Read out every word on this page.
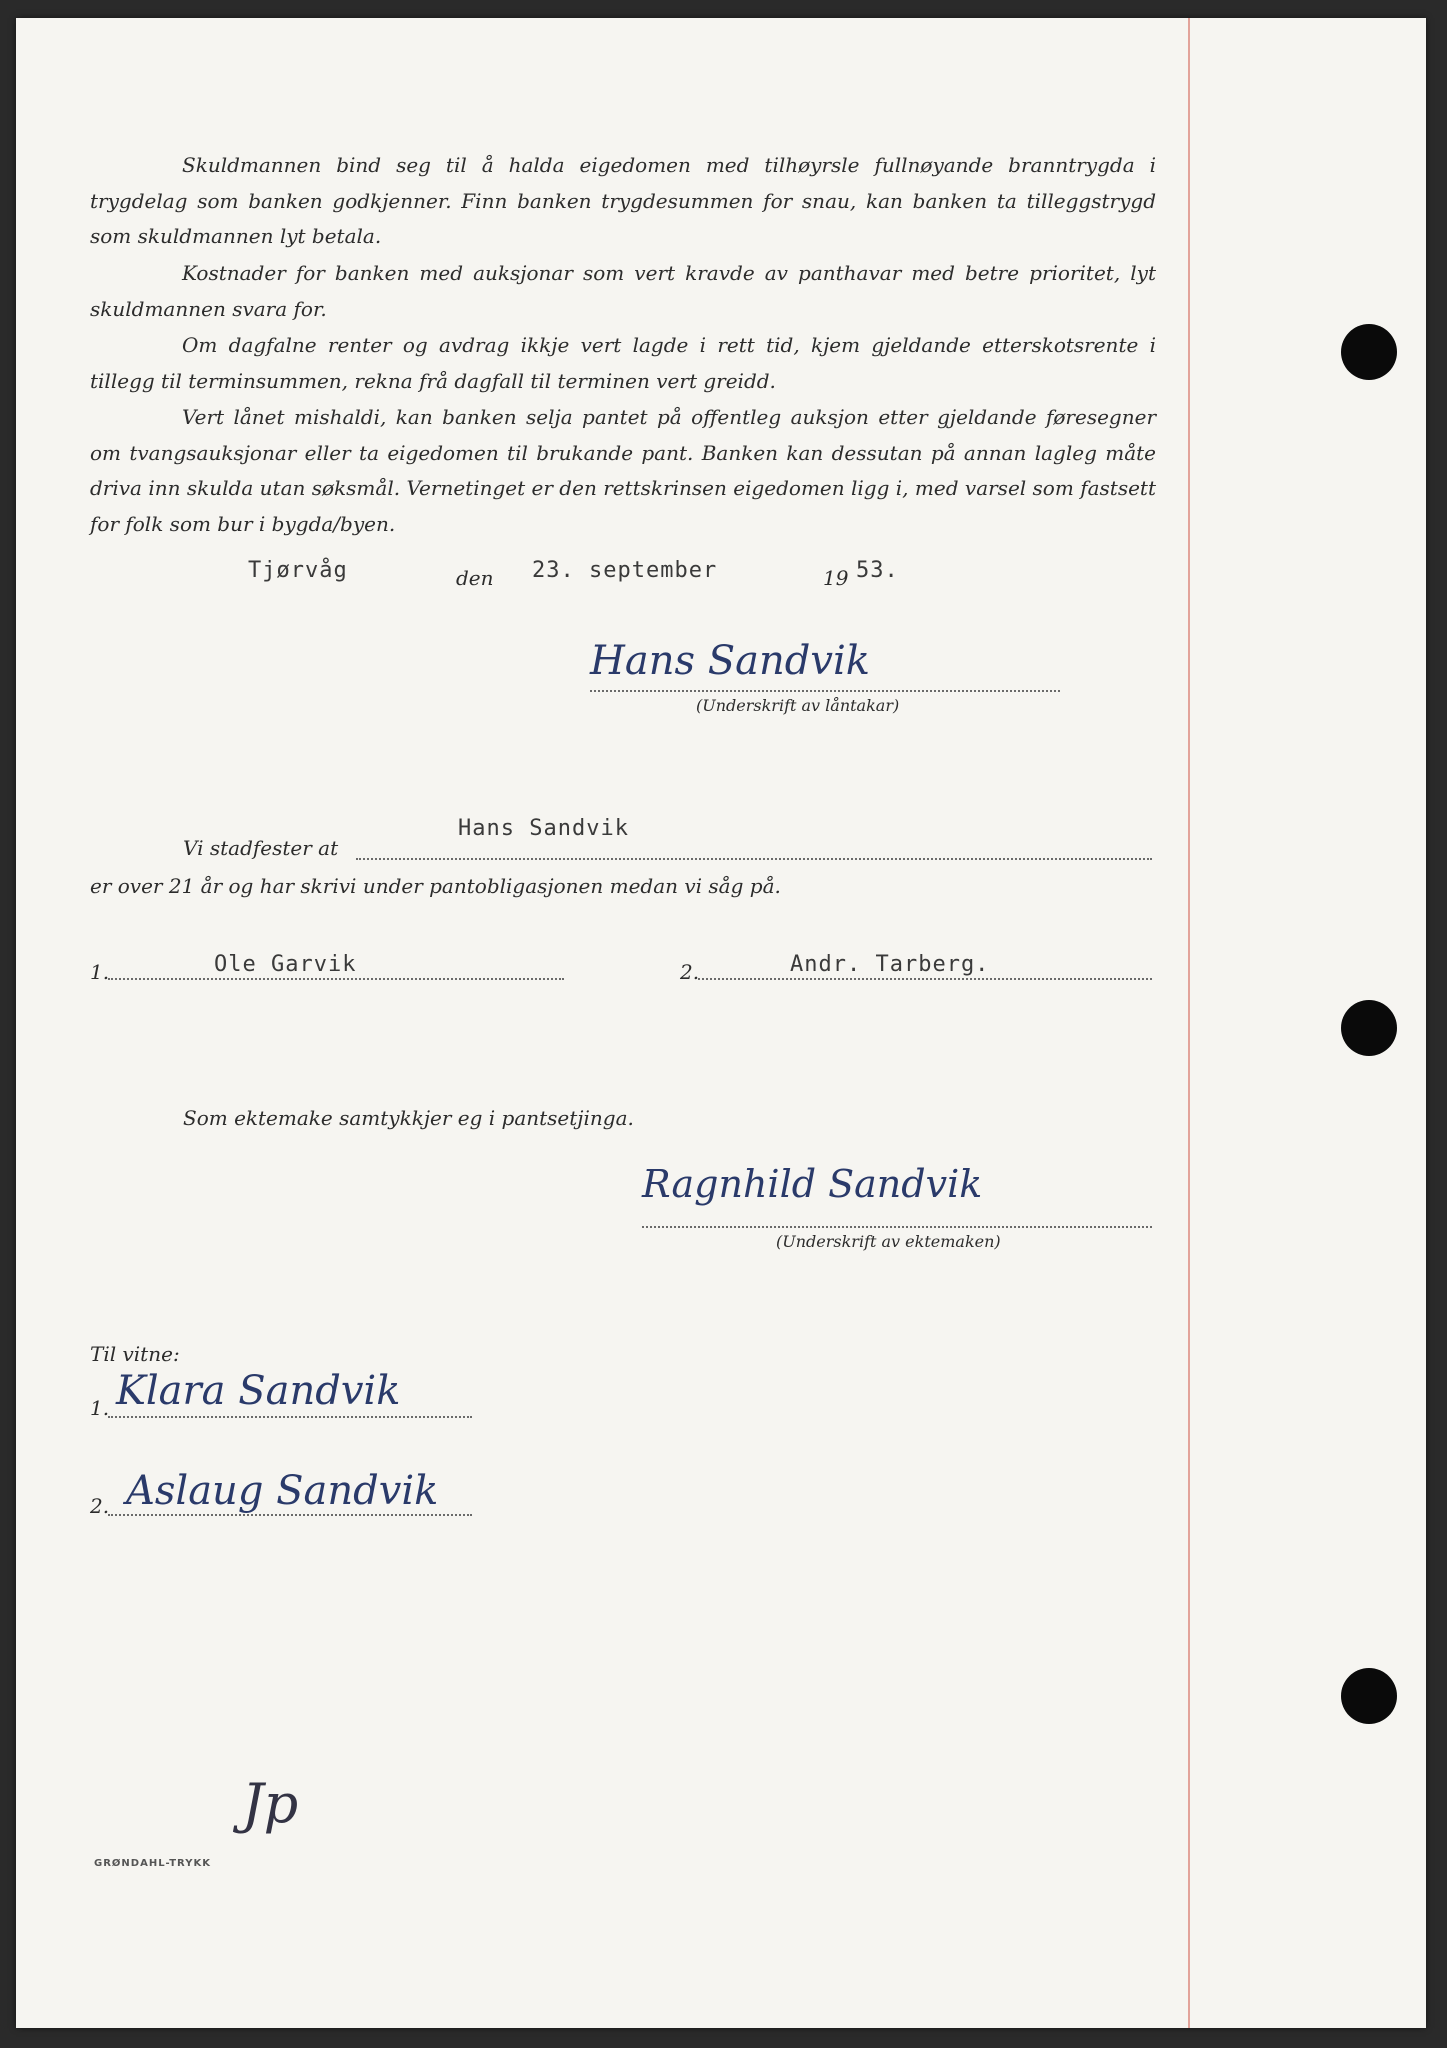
Skuldmannen bind seg til å halda eigedomen med tilhøyrsle fullnøyande branntrygda i trygdelag som banken godkjenner. Finn banken trygdesummen for snau, kan banken ta tilleggstrygd som skuldmannen lyt betala.

Kostnader for banken med auksjonar som vert kravde av panthavar med betre prioritet, lyt skuldmannen svara for.

Om dagfalne renter og avdrag ikkje vert lagde i rett tid, kjem gjeldande etterskotsrente i tillegg til terminsummen, rekna frå dagfall til terminen vert greidd.

Vert lånet mishaldi, kan banken selja pantet på offentleg auksjon etter gjeldande føresegner om tvangsauksjonar eller ta eigedomen til brukande pant. Banken kan dessutan på annan lagleg måte driva inn skulda utan søksmål. Vernetinget er den rettskrinsen eigedomen ligg i, med varsel som fastsett for folk som bur i bygda/byen.

Tjørvåg	den 23. september	19 53.
Hans Sandvik
(Underskrift av låntakar)
Vi stadfester at
Hans Sandvik
er over 21 år og har skrivi under pantobligasjonen medan vi såg på.
1.	Ole Garvik	2.	Andr. Tarberg.
Som ektemake samtykkjer eg i pantsetjinga.
Ragnhild Sandvik
(Underskrift av ektemaken)
Til vitne:
1. Klara Sandvik
2. Aslaug Sandvik
Jp
GRØNDAHL-TRYKK
